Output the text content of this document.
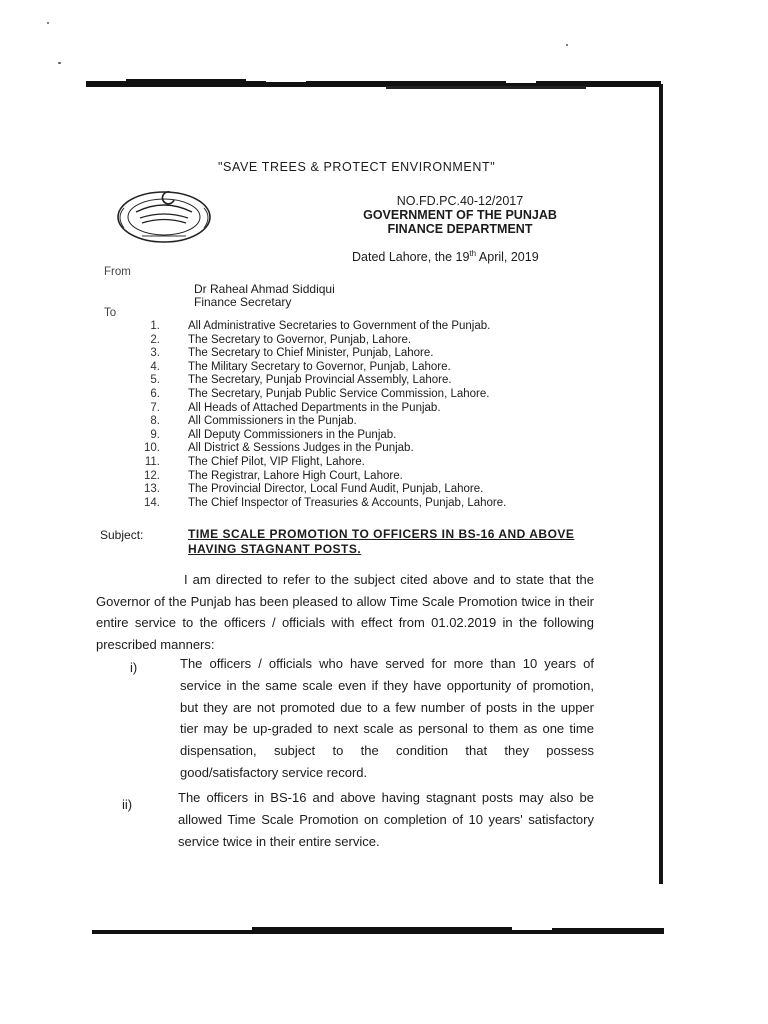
"SAVE TREES & PROTECT ENVIRONMENT"
NO.FD.PC.40-12/2017
GOVERNMENT OF THE PUNJAB
FINANCE DEPARTMENT
Dated Lahore, the 19th April, 2019
From
Dr Raheal Ahmad Siddiqui
Finance Secretary
To
1. All Administrative Secretaries to Government of the Punjab.
2. The Secretary to Governor, Punjab, Lahore.
3. The Secretary to Chief Minister, Punjab, Lahore.
4. The Military Secretary to Governor, Punjab, Lahore.
5. The Secretary, Punjab Provincial Assembly, Lahore.
6. The Secretary, Punjab Public Service Commission, Lahore.
7. All Heads of Attached Departments in the Punjab.
8. All Commissioners in the Punjab.
9. All Deputy Commissioners in the Punjab.
10. All District & Sessions Judges in the Punjab.
11. The Chief Pilot, VIP Flight, Lahore.
12. The Registrar, Lahore High Court, Lahore.
13. The Provincial Director, Local Fund Audit, Punjab, Lahore.
14. The Chief Inspector of Treasuries & Accounts, Punjab, Lahore.
Subject:	TIME SCALE PROMOTION TO OFFICERS IN BS-16 AND ABOVE HAVING STAGNANT POSTS.
I am directed to refer to the subject cited above and to state that the Governor of the Punjab has been pleased to allow Time Scale Promotion twice in their entire service to the officers / officials with effect from 01.02.2019 in the following prescribed manners:
i)	The officers / officials who have served for more than 10 years of service in the same scale even if they have opportunity of promotion, but they are not promoted due to a few number of posts in the upper tier may be up-graded to next scale as personal to them as one time dispensation, subject to the condition that they possess good/satisfactory service record.
ii)	The officers in BS-16 and above having stagnant posts may also be allowed Time Scale Promotion on completion of 10 years' satisfactory service twice in their entire service.
